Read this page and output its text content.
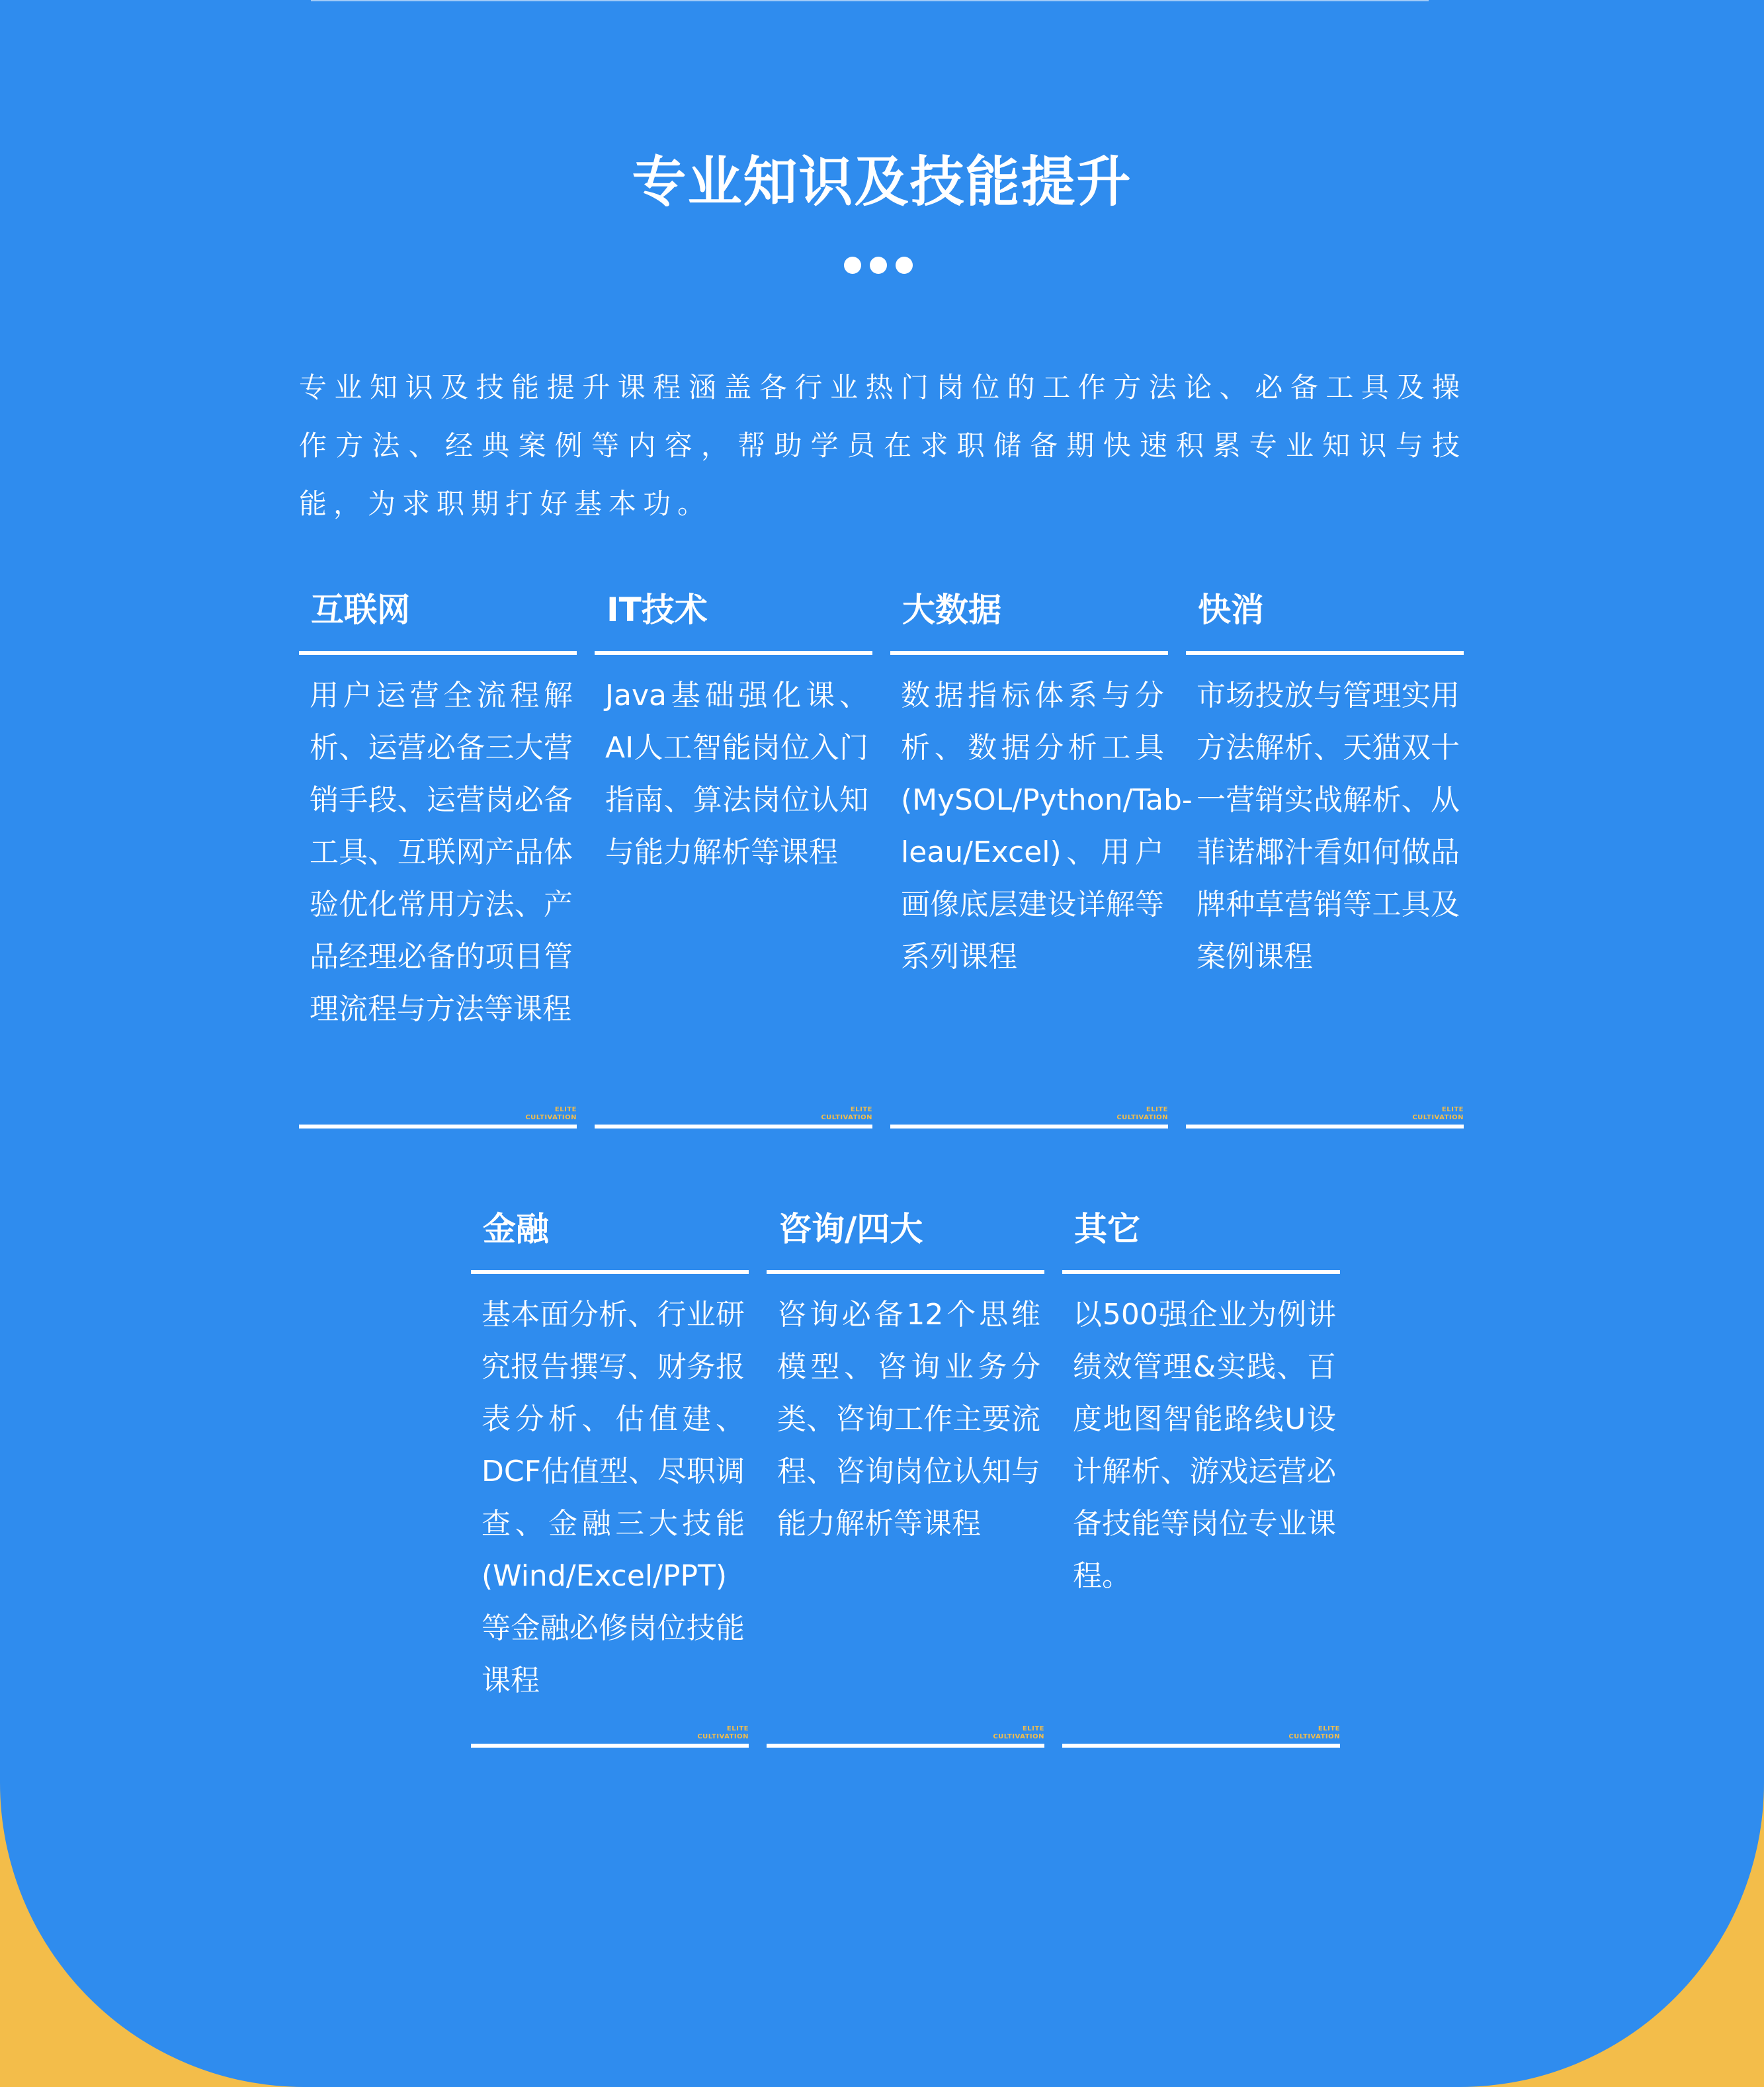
专业知识及技能提升
专业知识及技能提升课程涵盖各行业热门岗位的工作方法论、必备工具及操作方法、经典案例等内容，帮助学员在求职储备期快速积累专业知识与技能，为求职期打好基本功。
互联网
用户运营全流程解析、运营必备三大营销手段、运营岗必备工具、互联网产品体验优化常用方法、产品经理必备的项目管理流程与方法等课程
ELITE
CULTIVATION
IT技术
Java基础强化课、AI人工智能岗位入门指南、算法岗位认知与能力解析等课程
ELITE
CULTIVATION
大数据
数据指标体系与分析、数据分析工具(MySOL/Python/Tab-leau/Excel)、用户画像底层建设详解等系列课程
ELITE
CULTIVATION
快消
市场投放与管理实用方法解析、天猫双十一营销实战解析、从菲诺椰汁看如何做品牌种草营销等工具及案例课程
ELITE
CULTIVATION
金融
基本面分析、行业研究报告撰写、财务报表分析、估值建、DCF估值型、尽职调查、金融三大技能(Wind/Excel/PPT)等金融必修岗位技能课程
ELITE
CULTIVATION
咨询/四大
咨询必备12个思维模型、咨询业务分类、咨询工作主要流程、咨询岗位认知与能力解析等课程
ELITE
CULTIVATION
其它
以500强企业为例讲绩效管理&实践、百度地图智能路线U设计解析、游戏运营必备技能等岗位专业课程。
ELITE
CULTIVATION
